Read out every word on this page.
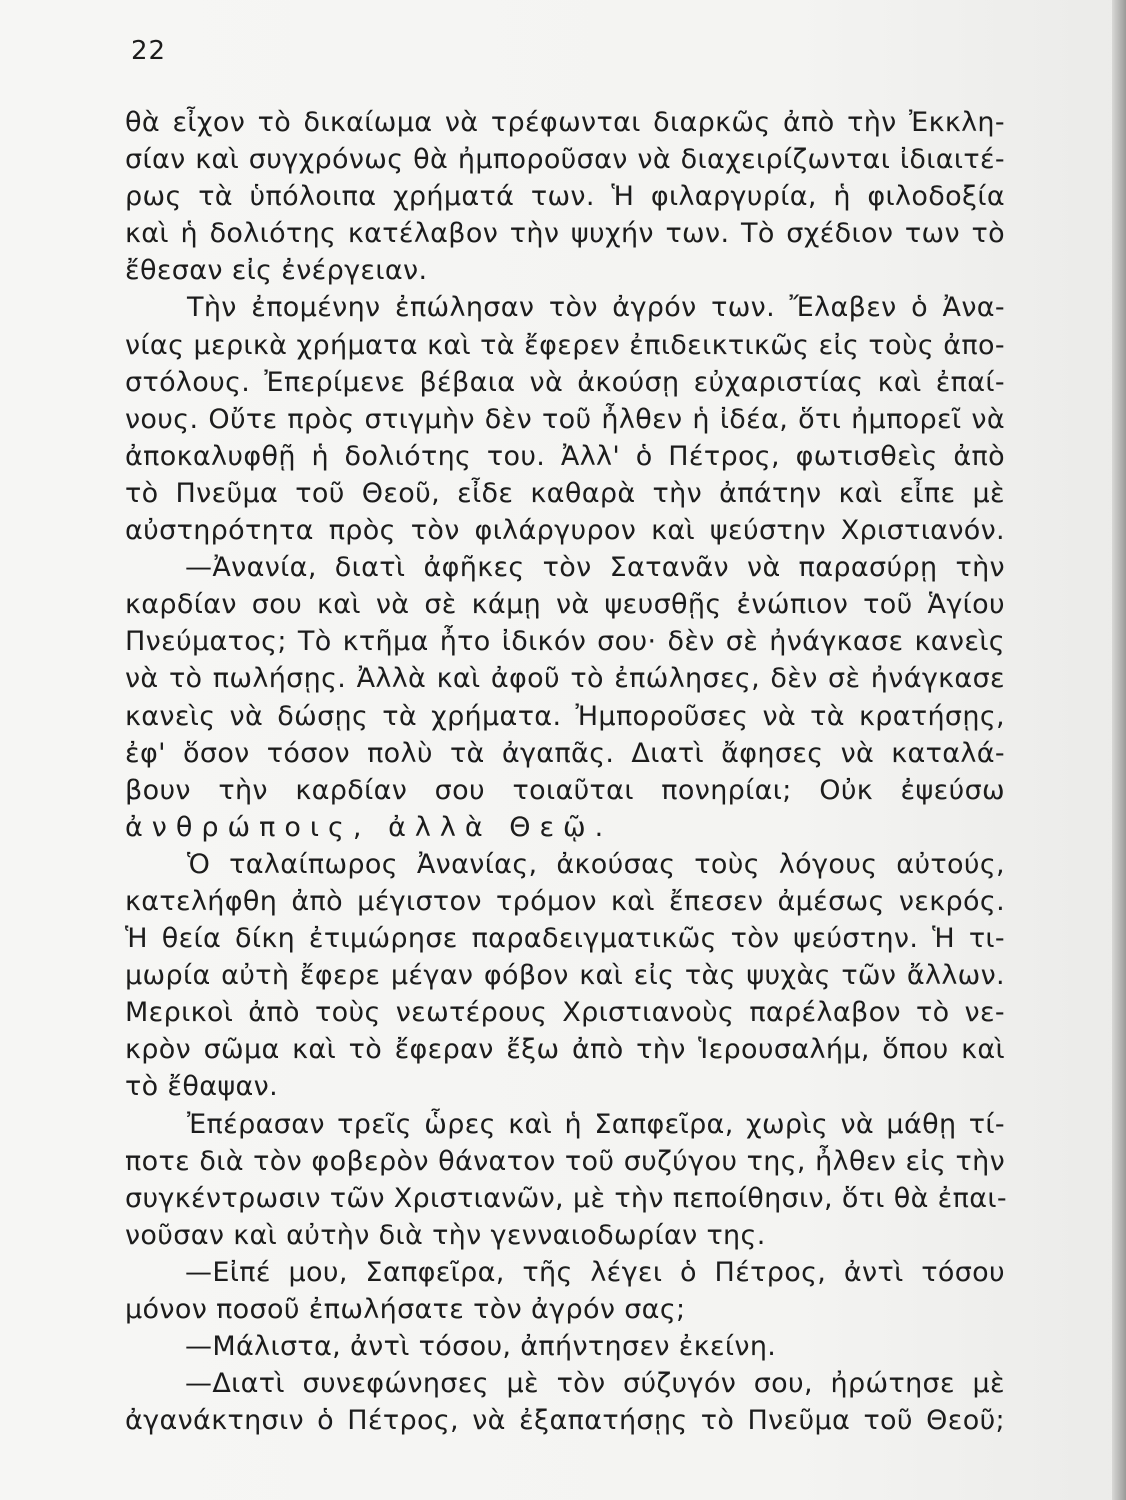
22
θὰ εἶχον τὸ δικαίωμα νὰ τρέφωνται διαρκῶς ἀπὸ τὴν Ἐκκλη-
σίαν καὶ συγχρόνως θὰ ἠμποροῦσαν νὰ διαχειρίζωνται ἰδιαιτέ-
ρως τὰ ὑπόλοιπα χρήματά των. Ἡ φιλαργυρία, ἡ φιλοδοξία
καὶ ἡ δολιότης κατέλαβον τὴν ψυχήν των. Τὸ σχέδιον των τὸ
ἔθεσαν εἰς ἐνέργειαν.
Τὴν ἐπομένην ἐπώλησαν τὸν ἀγρόν των. Ἔλαβεν ὁ Ἀνα-
νίας μερικὰ χρήματα καὶ τὰ ἔφερεν ἐπιδεικτικῶς εἰς τοὺς ἀπο-
στόλους. Ἐπερίμενε βέβαια νὰ ἀκούσῃ εὐχαριστίας καὶ ἐπαί-
νους. Οὔτε πρὸς στιγμὴν δὲν τοῦ ἦλθεν ἡ ἰδέα, ὅτι ἠμπορεῖ νὰ
ἀποκαλυφθῇ ἡ δολιότης του. Ἀλλ' ὁ Πέτρος, φωτισθεὶς ἀπὸ
τὸ Πνεῦμα τοῦ Θεοῦ, εἶδε καθαρὰ τὴν ἀπάτην καὶ εἶπε μὲ
αὐστηρότητα πρὸς τὸν φιλάργυρον καὶ ψεύστην Χριστιανόν.
—Ἀνανία, διατὶ ἀφῆκες τὸν Σατανᾶν νὰ παρασύρῃ τὴν
καρδίαν σου καὶ νὰ σὲ κάμῃ νὰ ψευσθῇς ἐνώπιον τοῦ Ἁγίου
Πνεύματος; Τὸ κτῆμα ἦτο ἰδικόν σου· δὲν σὲ ἠνάγκασε κανεὶς
νὰ τὸ πωλήσῃς. Ἀλλὰ καὶ ἀφοῦ τὸ ἐπώλησες, δὲν σὲ ἠνάγκασε
κανεὶς νὰ δώσῃς τὰ χρήματα. Ἠμποροῦσες νὰ τὰ κρατήσῃς,
ἐφ' ὅσον τόσον πολὺ τὰ ἀγαπᾶς. Διατὶ ἄφησες νὰ καταλά-
βουν τὴν καρδίαν σου τοιαῦται πονηρίαι; Οὐκ ἐψεύσω
ἀνθρώποις, ἀλλὰ Θεῷ.
Ὁ ταλαίπωρος Ἀνανίας, ἀκούσας τοὺς λόγους αὐτούς,
κατελήφθη ἀπὸ μέγιστον τρόμον καὶ ἔπεσεν ἀμέσως νεκρός.
Ἡ θεία δίκη ἐτιμώρησε παραδειγματικῶς τὸν ψεύστην. Ἡ τι-
μωρία αὐτὴ ἔφερε μέγαν φόβον καὶ εἰς τὰς ψυχὰς τῶν ἄλλων.
Μερικοὶ ἀπὸ τοὺς νεωτέρους Χριστιανοὺς παρέλαβον τὸ νε-
κρὸν σῶμα καὶ τὸ ἔφεραν ἔξω ἀπὸ τὴν Ἱερουσαλήμ, ὅπου καὶ
τὸ ἔθαψαν.
Ἐπέρασαν τρεῖς ὧρες καὶ ἡ Σαπφεῖρα, χωρὶς νὰ μάθῃ τί-
ποτε διὰ τὸν φοβερὸν θάνατον τοῦ συζύγου της, ἦλθεν εἰς τὴν
συγκέντρωσιν τῶν Χριστιανῶν, μὲ τὴν πεποίθησιν, ὅτι θὰ ἐπαι-
νοῦσαν καὶ αὐτὴν διὰ τὴν γενναιοδωρίαν της.
—Εἰπέ μου, Σαπφεῖρα, τῆς λέγει ὁ Πέτρος, ἀντὶ τόσου
μόνον ποσοῦ ἐπωλήσατε τὸν ἀγρόν σας;
—Μάλιστα, ἀντὶ τόσου, ἀπήντησεν ἐκείνη.
—Διατὶ συνεφώνησες μὲ τὸν σύζυγόν σου, ἠρώτησε μὲ
ἀγανάκτησιν ὁ Πέτρος, νὰ ἐξαπατήσῃς τὸ Πνεῦμα τοῦ Θεοῦ;
